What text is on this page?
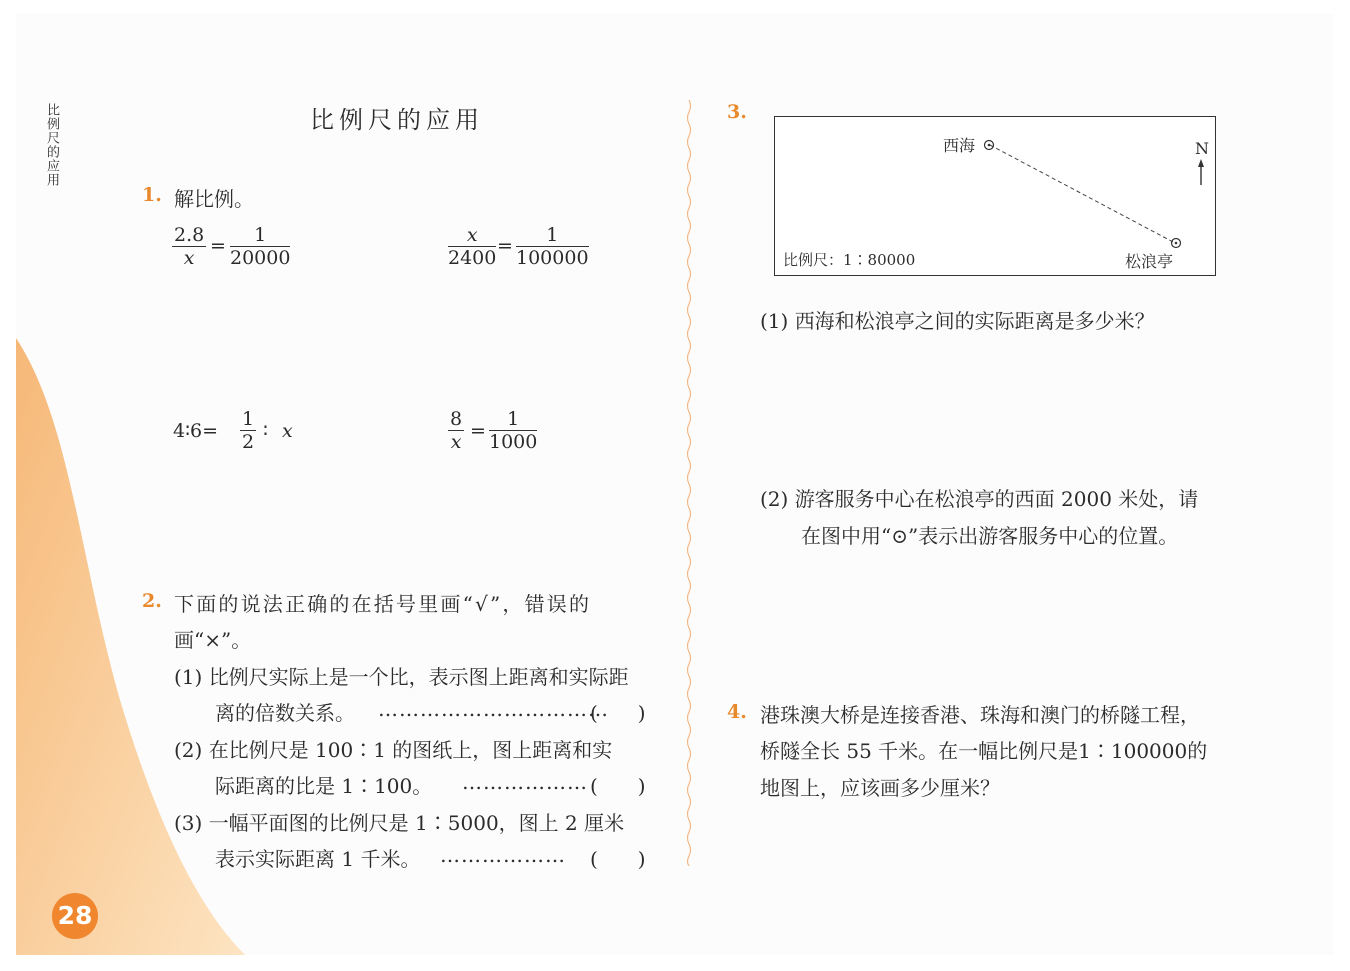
比例尺的应用	比例尺的应用
1. 解比例。
$\frac{2.8}{x} = \frac{1}{20000}$	$\frac{x}{2400} = \frac{1}{100000}$
4∶6= $\frac{1}{2}$ ∶ x	$\frac{8}{x} = \frac{1}{1000}$
2. 下面的说法正确的在括号里画“√”，错误的
画“×”。
(1) 比例尺实际上是一个比，表示图上距离和实际距
离的倍数关系。 ……………………………
(　　)
(2) 在比例尺是 100∶1 的图纸上，图上距离和实
际距离的比是 1∶100。 ……………… (　　)
(3) 一幅平面图的比例尺是 1∶5000，图上 2 厘米
表示实际距离 1 千米。 ……………… (　　)
3.
西海
松浪亭
N
比例尺：1∶80000
(1) 西海和松浪亭之间的实际距离是多少米？
(2) 游客服务中心在松浪亭的西面 2000 米处，请
在图中用“⊙”表示出游客服务中心的位置。
4. 港珠澳大桥是连接香港、珠海和澳门的桥隧工程，
桥隧全长 55 千米。在一幅比例尺是1∶100000的
地图上，应该画多少厘米？
28
